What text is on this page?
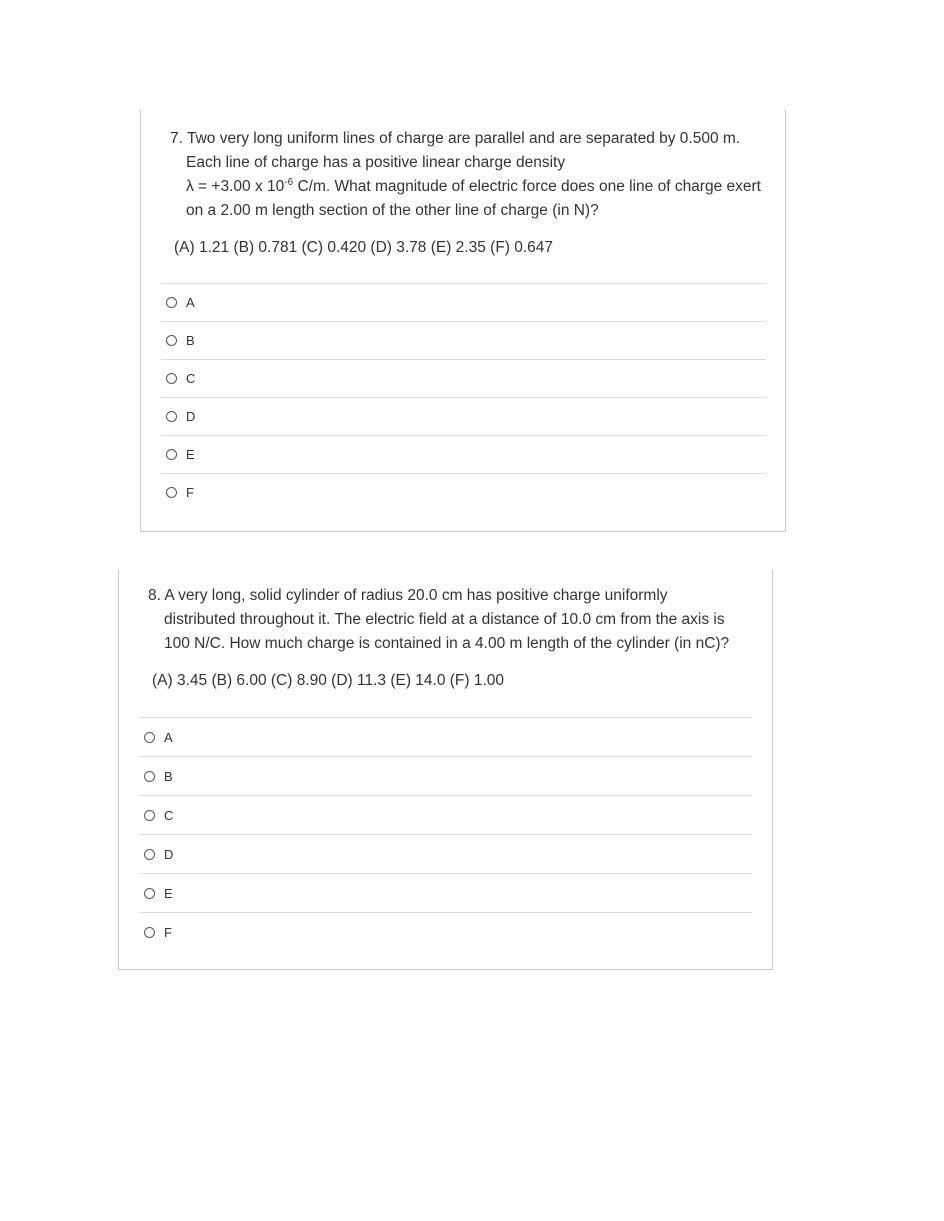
7. Two very long uniform lines of charge are parallel and are separated by 0.500 m.
Each line of charge has a positive linear charge density
λ = +3.00 x $10^{-6}$ C/m. What magnitude of electric force does one line of charge exert
on a 2.00 m length section of the other line of charge (in N)?
(A) 1.21 (B) 0.781 (C) 0.420 (D) 3.78 (E) 2.35 (F) 0.647
A
B
C
D
E
F
8. A very long, solid cylinder of radius 20.0 cm has positive charge uniformly
distributed throughout it. The electric field at a distance of 10.0 cm from the axis is
100 N/C. How much charge is contained in a 4.00 m length of the cylinder (in nC)?
(A) 3.45 (B) 6.00 (C) 8.90 (D) 11.3 (E) 14.0 (F) 1.00
A
B
C
D
E
F
